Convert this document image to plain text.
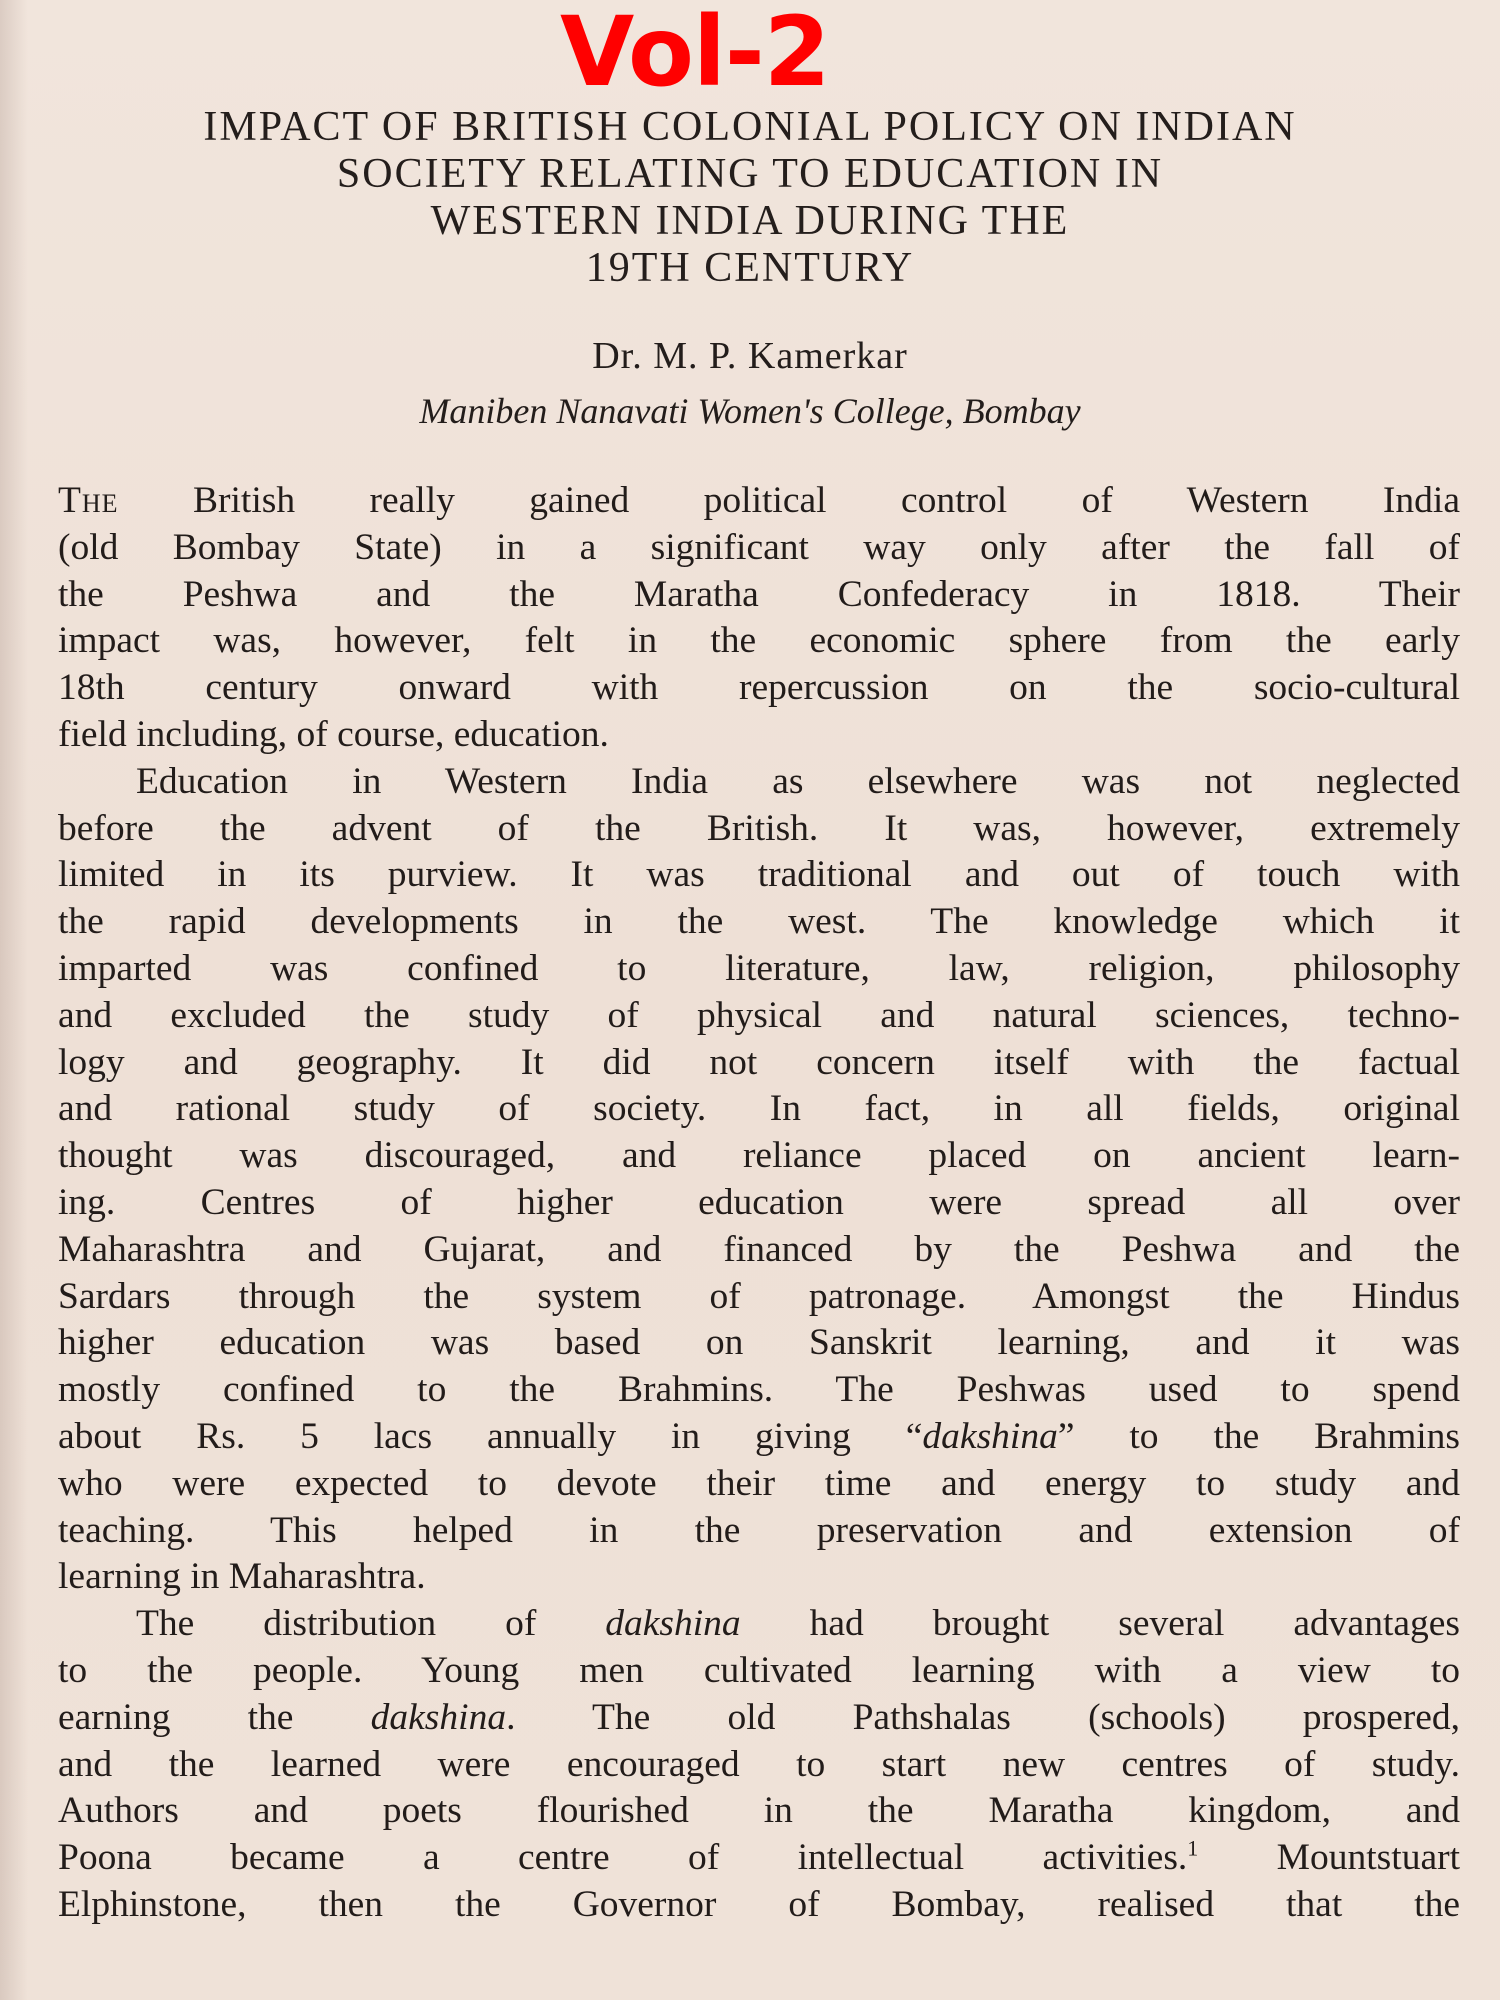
Vol-2
IMPACT OF BRITISH COLONIAL POLICY ON INDIAN
SOCIETY RELATING TO EDUCATION IN
WESTERN INDIA DURING THE
19TH CENTURY
Dr. M. P. Kamerkar
Maniben Nanavati Women's College, Bombay
The British really gained political control of Western India
(old Bombay State) in a significant way only after the fall of
the Peshwa and the Maratha Confederacy in 1818. Their
impact was, however, felt in the economic sphere from the early
18th century onward with repercussion on the socio-cultural
field including, of course, education.
Education in Western India as elsewhere was not neglected
before the advent of the British. It was, however, extremely
limited in its purview. It was traditional and out of touch with
the rapid developments in the west. The knowledge which it
imparted was confined to literature, law, religion, philosophy
and excluded the study of physical and natural sciences, techno-
logy and geography. It did not concern itself with the factual
and rational study of society. In fact, in all fields, original
thought was discouraged, and reliance placed on ancient learn-
ing. Centres of higher education were spread all over
Maharashtra and Gujarat, and financed by the Peshwa and the
Sardars through the system of patronage. Amongst the Hindus
higher education was based on Sanskrit learning, and it was
mostly confined to the Brahmins. The Peshwas used to spend
about Rs. 5 lacs annually in giving “dakshina” to the Brahmins
who were expected to devote their time and energy to study and
teaching. This helped in the preservation and extension of
learning in Maharashtra.
The distribution of dakshina had brought several advantages
to the people. Young men cultivated learning with a view to
earning the dakshina. The old Pathshalas (schools) prospered,
and the learned were encouraged to start new centres of study.
Authors and poets flourished in the Maratha kingdom, and
Poona became a centre of intellectual activities.$^1$ Mountstuart
Elphinstone, then the Governor of Bombay, realised that the
